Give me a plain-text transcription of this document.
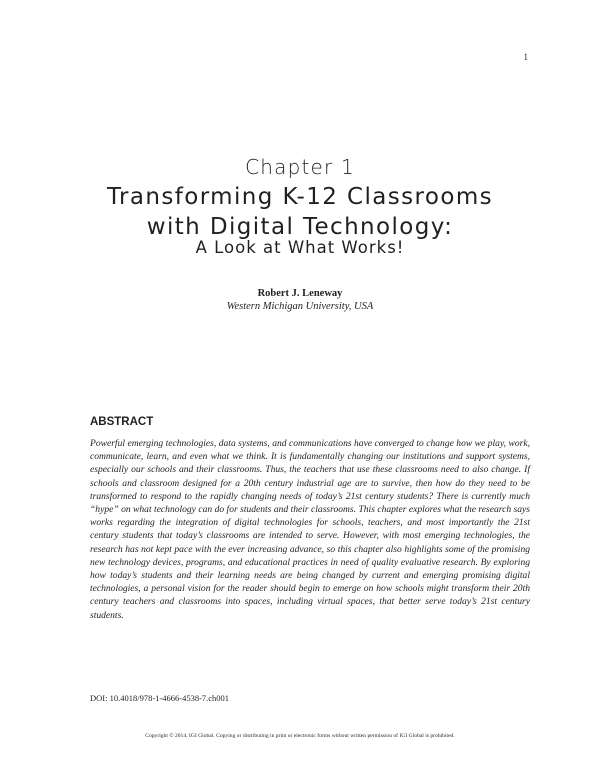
1
Chapter 1
Transforming K-12 Classrooms
with Digital Technology:
A Look at What Works!
Robert J. Leneway
Western Michigan University, USA
ABSTRACT
Powerful emerging technologies, data systems, and communications have converged to change how we play, work, communicate, learn, and even what we think. It is fundamentally changing our institutions and support systems, especially our schools and their classrooms. Thus, the teachers that use these classrooms need to also change. If schools and classroom designed for a 20th century industrial age are to survive, then how do they need to be transformed to respond to the rapidly changing needs of today’s 21st century students? There is currently much “hype” on what technology can do for students and their classrooms. This chapter explores what the research says works regarding the integration of digital technologies for schools, teachers, and most importantly the 21st century students that today’s classrooms are intended to serve. However, with most emerging technologies, the research has not kept pace with the ever increasing advance, so this chapter also highlights some of the promising new technology devices, programs, and educational practices in need of quality evaluative research. By exploring how today’s students and their learning needs are being changed by current and emerging promising digital technologies, a personal vision for the reader should begin to emerge on how schools might transform their 20th century teachers and classrooms into spaces, including virtual spaces, that better serve today’s 21st century students.
DOI: 10.4018/978-1-4666-4538-7.ch001
Copyright © 2014, IGI Global. Copying or distributing in print or electronic forms without written permission of IGI Global is prohibited.
